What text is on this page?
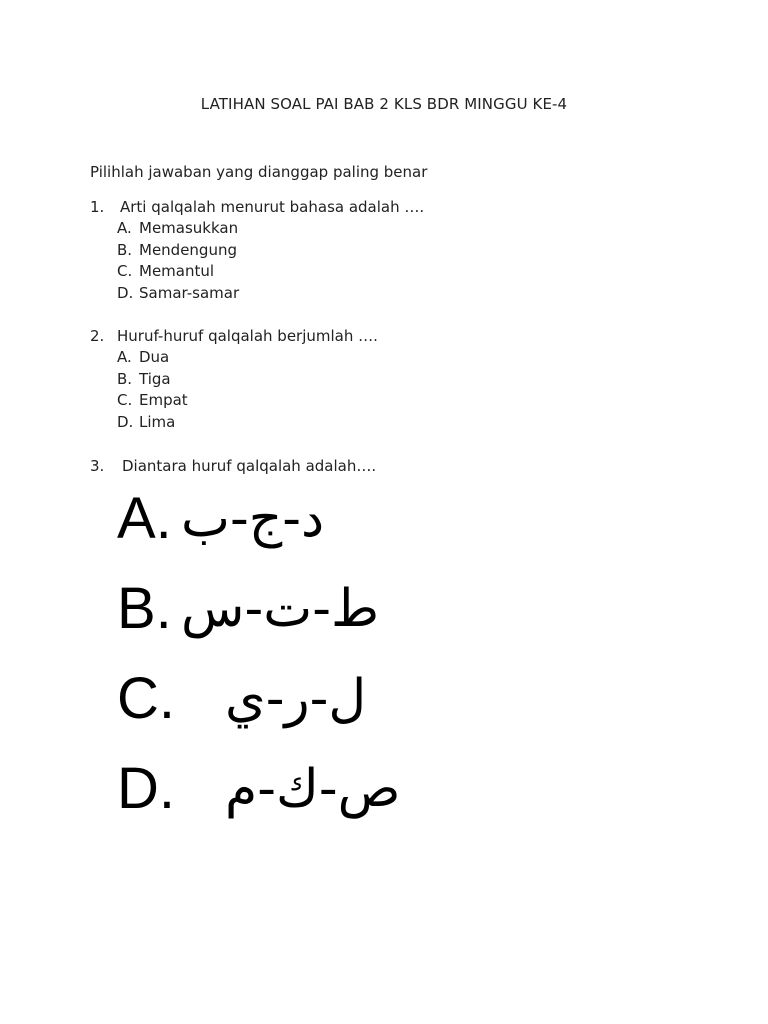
LATIHAN SOAL PAI BAB 2 KLS BDR MINGGU KE-4
Pilihlah jawaban yang dianggap paling benar
1. Arti qalqalah menurut bahasa adalah ….
A. Memasukkan
B. Mendengung
C. Memantul
D. Samar-samar
2. Huruf-huruf qalqalah berjumlah ….
A. Dua
B. Tiga
C. Empat
D. Lima
3. Diantara huruf qalqalah adalah….
A. د-ج-ب
B. ط-ت-س
C. ل-ر-ي
D. ص-ك-م
